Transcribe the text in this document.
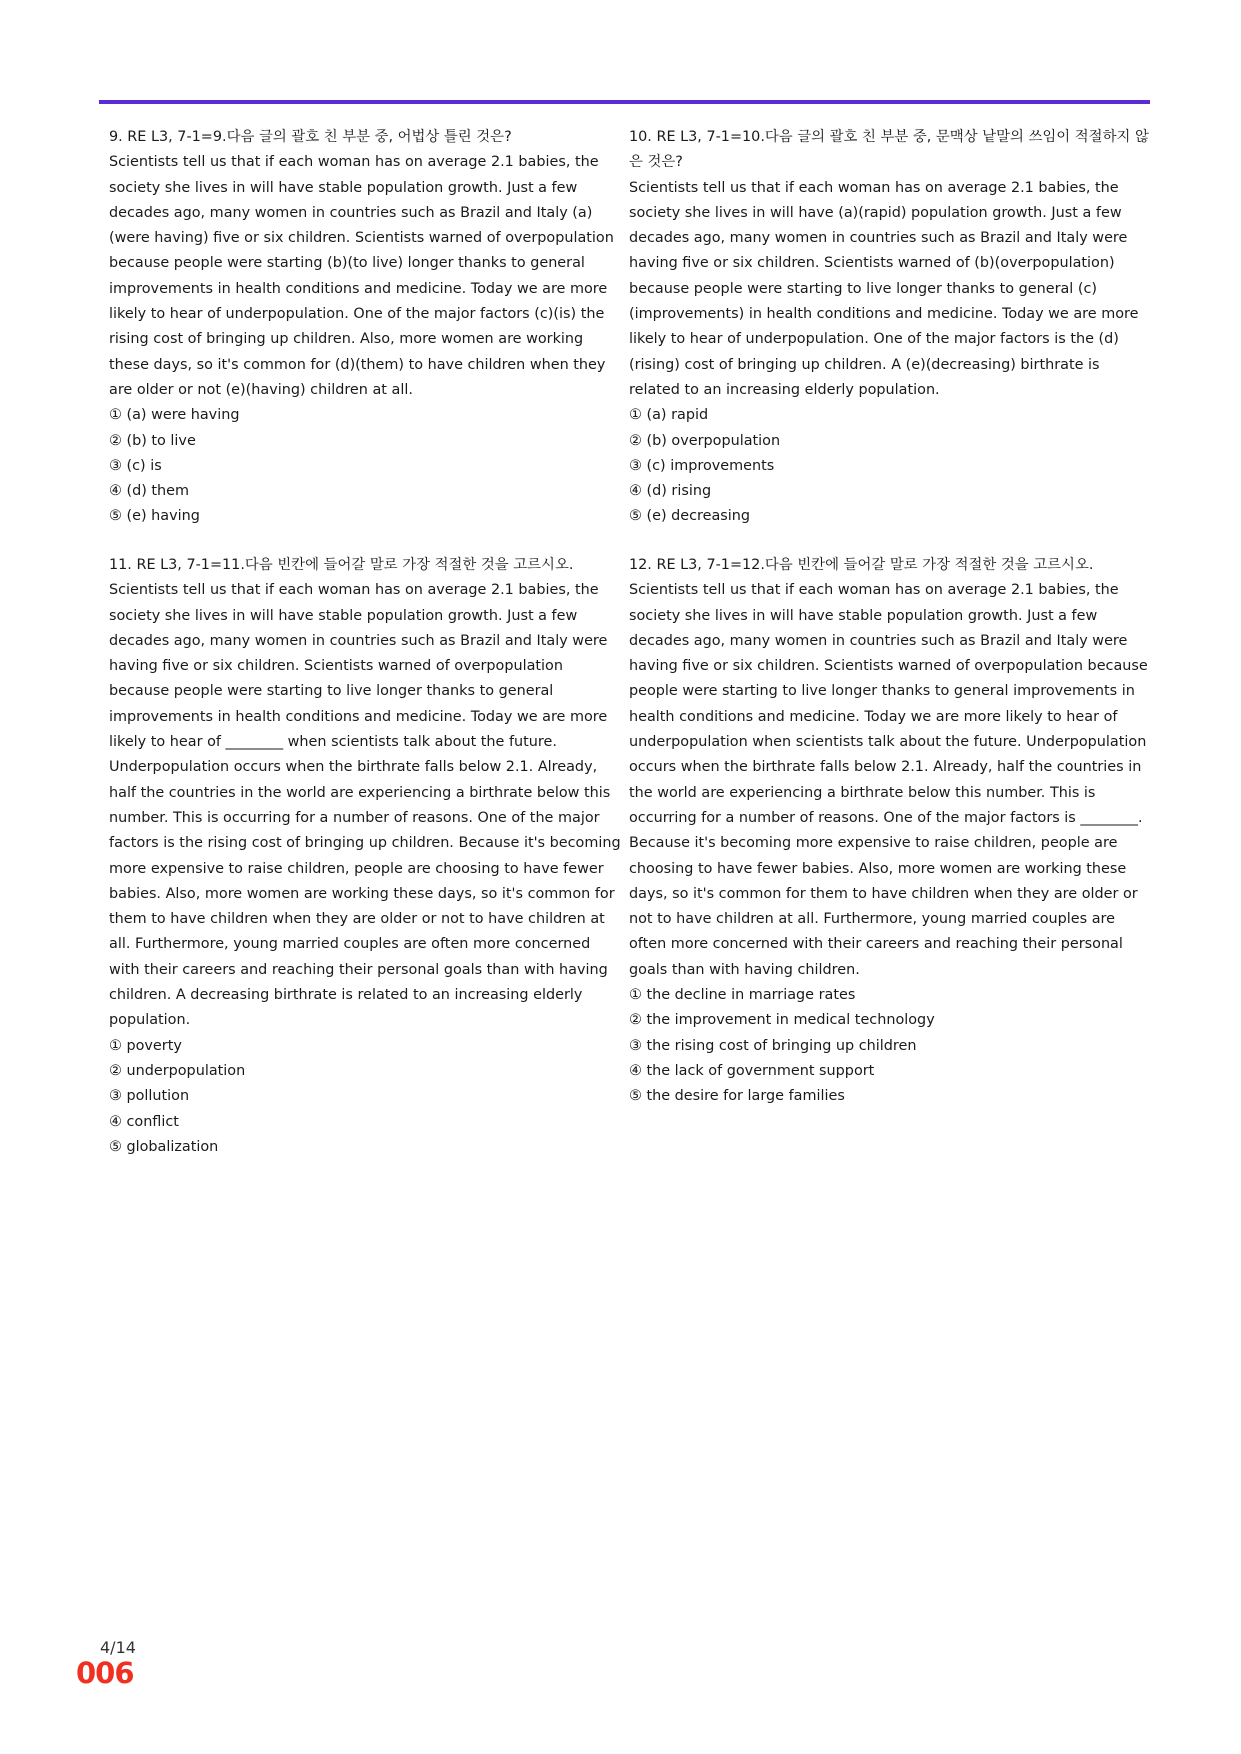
9. RE L3, 7-1=9.다음 글의 괄호 친 부분 중, 어법상 틀린 것은?

Scientists tell us that if each woman has on average 2.1 babies, the society she lives in will have stable population growth. Just a few decades ago, many women in countries such as Brazil and Italy (a)(were having) five or six children. Scientists warned of overpopulation because people were starting (b)(to live) longer thanks to general improvements in health conditions and medicine. Today we are more likely to hear of underpopulation. One of the major factors (c)(is) the rising cost of bringing up children. Also, more women are working these days, so it's common for (d)(them) to have children when they are older or not (e)(having) children at all.

① (a) were having
② (b) to live
③ (c) is
④ (d) them
⑤ (e) having

10. RE L3, 7-1=10.다음 글의 괄호 친 부분 중, 문맥상 낱말의 쓰임이 적절하지 않은 것은?

Scientists tell us that if each woman has on average 2.1 babies, the society she lives in will have (a)(rapid) population growth. Just a few decades ago, many women in countries such as Brazil and Italy were having five or six children. Scientists warned of (b)(overpopulation) because people were starting to live longer thanks to general (c)(improvements) in health conditions and medicine. Today we are more likely to hear of underpopulation. One of the major factors is the (d)(rising) cost of bringing up children. A (e)(decreasing) birthrate is related to an increasing elderly population.

① (a) rapid
② (b) overpopulation
③ (c) improvements
④ (d) rising
⑤ (e) decreasing

11. RE L3, 7-1=11.다음 빈칸에 들어갈 말로 가장 적절한 것을 고르시오.

Scientists tell us that if each woman has on average 2.1 babies, the society she lives in will have stable population growth. Just a few decades ago, many women in countries such as Brazil and Italy were having five or six children. Scientists warned of overpopulation because people were starting to live longer thanks to general improvements in health conditions and medicine. Today we are more likely to hear of ________ when scientists talk about the future. Underpopulation occurs when the birthrate falls below 2.1. Already, half the countries in the world are experiencing a birthrate below this number. This is occurring for a number of reasons. One of the major factors is the rising cost of bringing up children. Because it's becoming more expensive to raise children, people are choosing to have fewer babies. Also, more women are working these days, so it's common for them to have children when they are older or not to have children at all. Furthermore, young married couples are often more concerned with their careers and reaching their personal goals than with having children. A decreasing birthrate is related to an increasing elderly population.

① poverty
② underpopulation
③ pollution
④ conflict
⑤ globalization

12. RE L3, 7-1=12.다음 빈칸에 들어갈 말로 가장 적절한 것을 고르시오.

Scientists tell us that if each woman has on average 2.1 babies, the society she lives in will have stable population growth. Just a few decades ago, many women in countries such as Brazil and Italy were having five or six children. Scientists warned of overpopulation because people were starting to live longer thanks to general improvements in health conditions and medicine. Today we are more likely to hear of underpopulation when scientists talk about the future. Underpopulation occurs when the birthrate falls below 2.1. Already, half the countries in the world are experiencing a birthrate below this number. This is occurring for a number of reasons. One of the major factors is ________. Because it's becoming more expensive to raise children, people are choosing to have fewer babies. Also, more women are working these days, so it's common for them to have children when they are older or not to have children at all. Furthermore, young married couples are often more concerned with their careers and reaching their personal goals than with having children.

① the decline in marriage rates
② the improvement in medical technology
③ the rising cost of bringing up children
④ the lack of government support
⑤ the desire for large families
4/14
006
